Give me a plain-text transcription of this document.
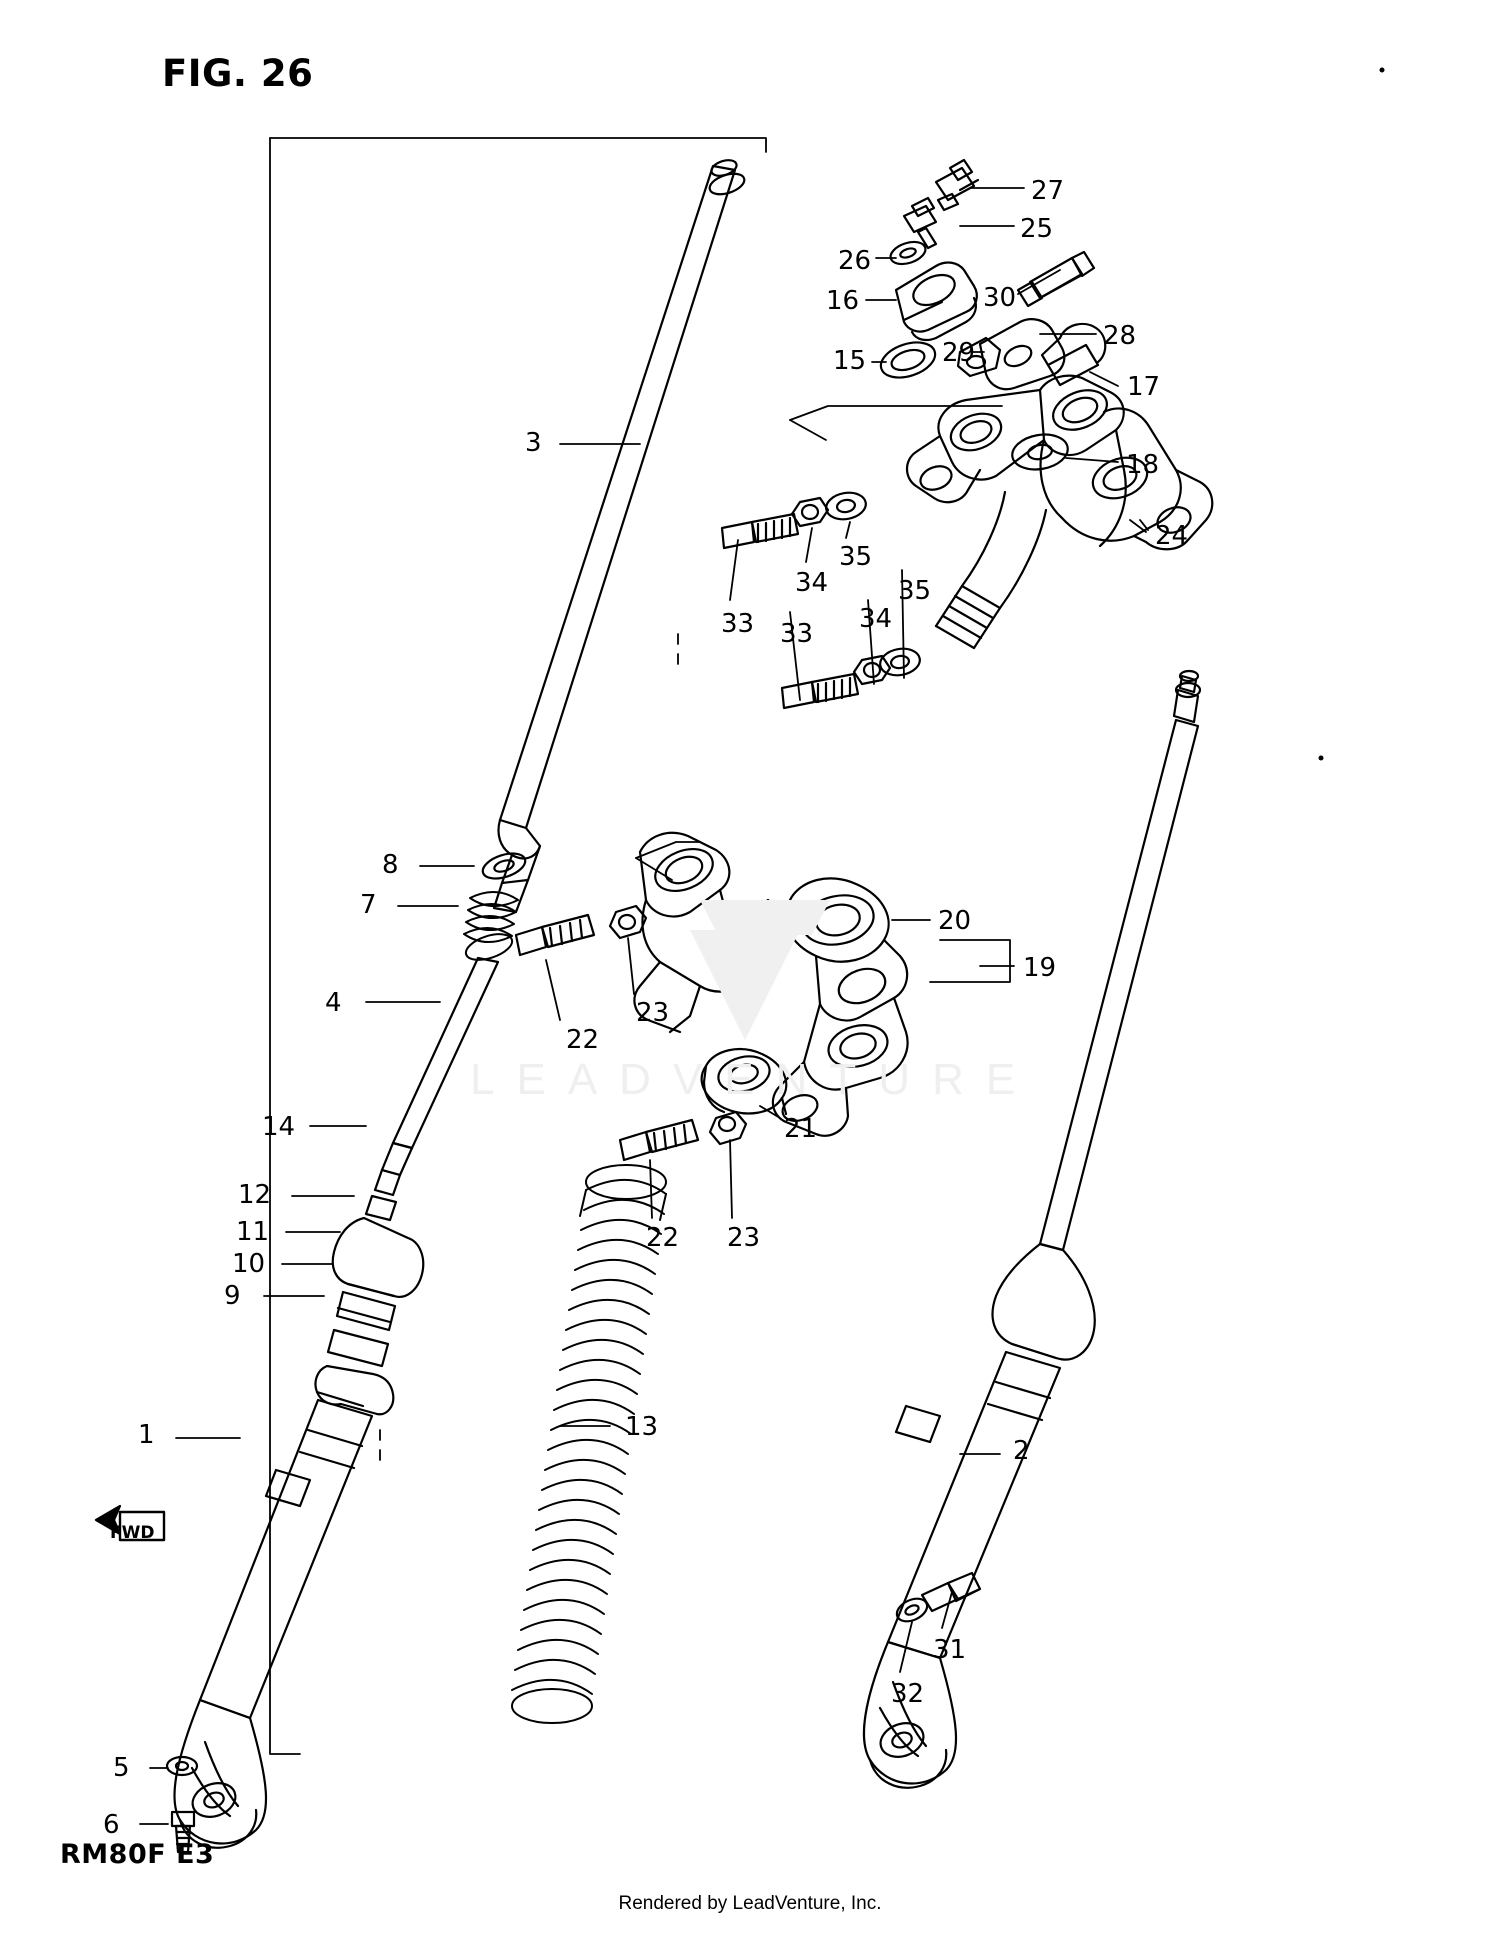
FIG. 26
FWD
LEADVENTURE
1
2
3
4
5
6
7
8
9
10
11
12
13
14
15
16
17
18
19
20
21
22
22
23
23
24
25
26
27
28
29
30
31
32
33 33
34
34
35
35
RM80F E3
Rendered by LeadVenture, Inc.
